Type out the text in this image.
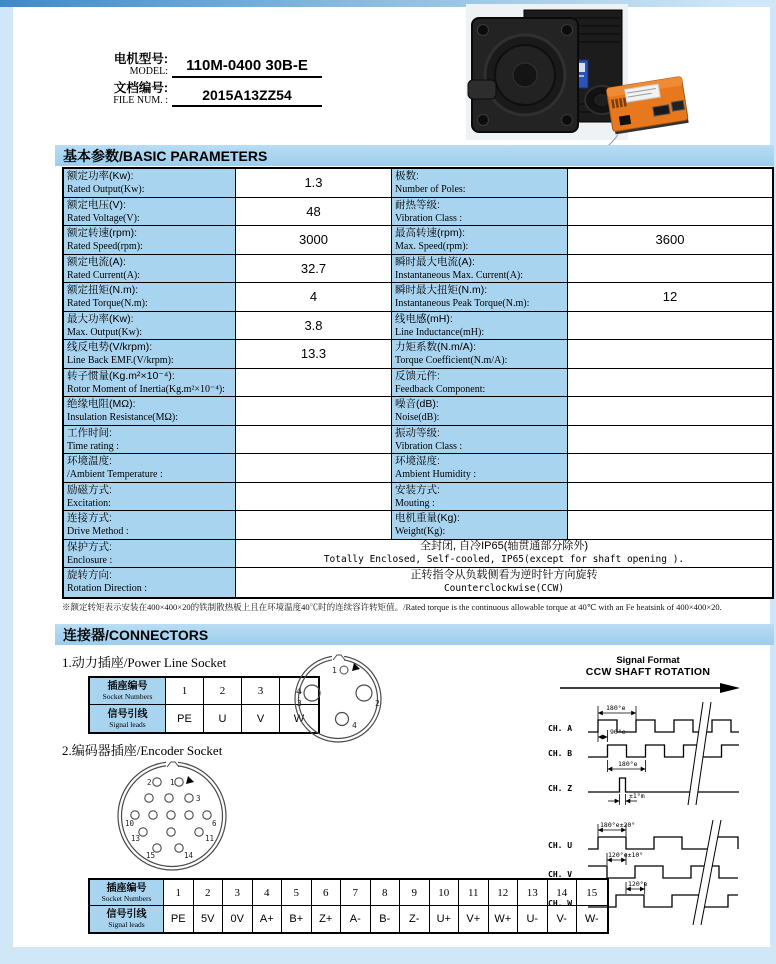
电机型号:
MODEL:	110M-0400 30B-E
文档编号:
FILE NUM. :	2015A13ZZ54
基本参数/BASIC PARAMETERS
额定功率(Kw):
Rated Output(Kw):	1.3	极数:
Number of Poles:
额定电压(V):
Rated Voltage(V):	48	耐热等级:
Vibration Class :
额定转速(rpm):
Rated Speed(rpm):	3000	最高转速(rpm):
Max. Speed(rpm):	3600
额定电流(A):
Rated Current(A):	32.7	瞬时最大电流(A):
Instantaneous Max. Current(A):
额定扭矩(N.m):
Rated Torque(N.m):	4	瞬时最大扭矩(N.m):
Instantaneous Peak Torque(N.m):	12
最大功率(Kw):
Max. Output(Kw):	3.8	线电感(mH):
Line Inductance(mH):
线反电势(V/krpm):
Line Back EMF.(V/krpm):	13.3	力矩系数(N.m/A):
Torque Coefficient(N.m/A):
转子惯量(Kg.m²×10⁻⁴):
Rotor Moment of Inertia(Kg.m²×10⁻⁴):
反馈元件:
Feedback Component:
绝缘电阻(MΩ):
Insulation Resistance(MΩ):
噪音(dB):
Noise(dB):
工作时间:
Time rating :
振动等级:
Vibration Class :
环境温度:
/Ambient Temperature :
环境湿度:
Ambient Humidity :
励磁方式:
Excitation:
安装方式:
Mouting :
连接方式:
Drive Method :
电机重量(Kg):
Weight(Kg):
保护方式:
Enclosure :
全封闭, 自冷IP65(轴贯通部分除外)
Totally Enclosed, Self-cooled, IP65(except for shaft opening ).
旋转方向:
Rotation Direction :
正转指令从负载侧看为逆时针方向旋转
Counterclockwise(CCW)
※额定转矩表示安装在400×400×20的铁制散热板上且在环境温度40℃时的连续容许转矩值。/Rated torque is the continuous allowable torque at 40℃ with an Fe heatsink of 400×400×20.
连接器/CONNECTORS
1.动力插座/Power Line Socket
插座编号
Socket Numbers	1	2	3	4
信号引线
Signal leads	PE	U	V	W
1
2
3
4
2.编码器插座/Encoder Socket
2 1
3
10	6
13	11
15	14
插座编号
Socket Numbers	1	2	3	4	5	6	7	8	9	10	11	12	13	14	15
信号引线
Signal leads	PE	5V	0V	A+	B+	Z+	A-	B-	Z-	U+	V+	W+	U-	V-	W-
Signal Format
CCW SHAFT ROTATION
CH. A
CH. B
CH. Z
CH. U
CH. V
CH. W
180°e
90°e
180°e
±1°m
180°e±20°
120°e±10°
120°e
